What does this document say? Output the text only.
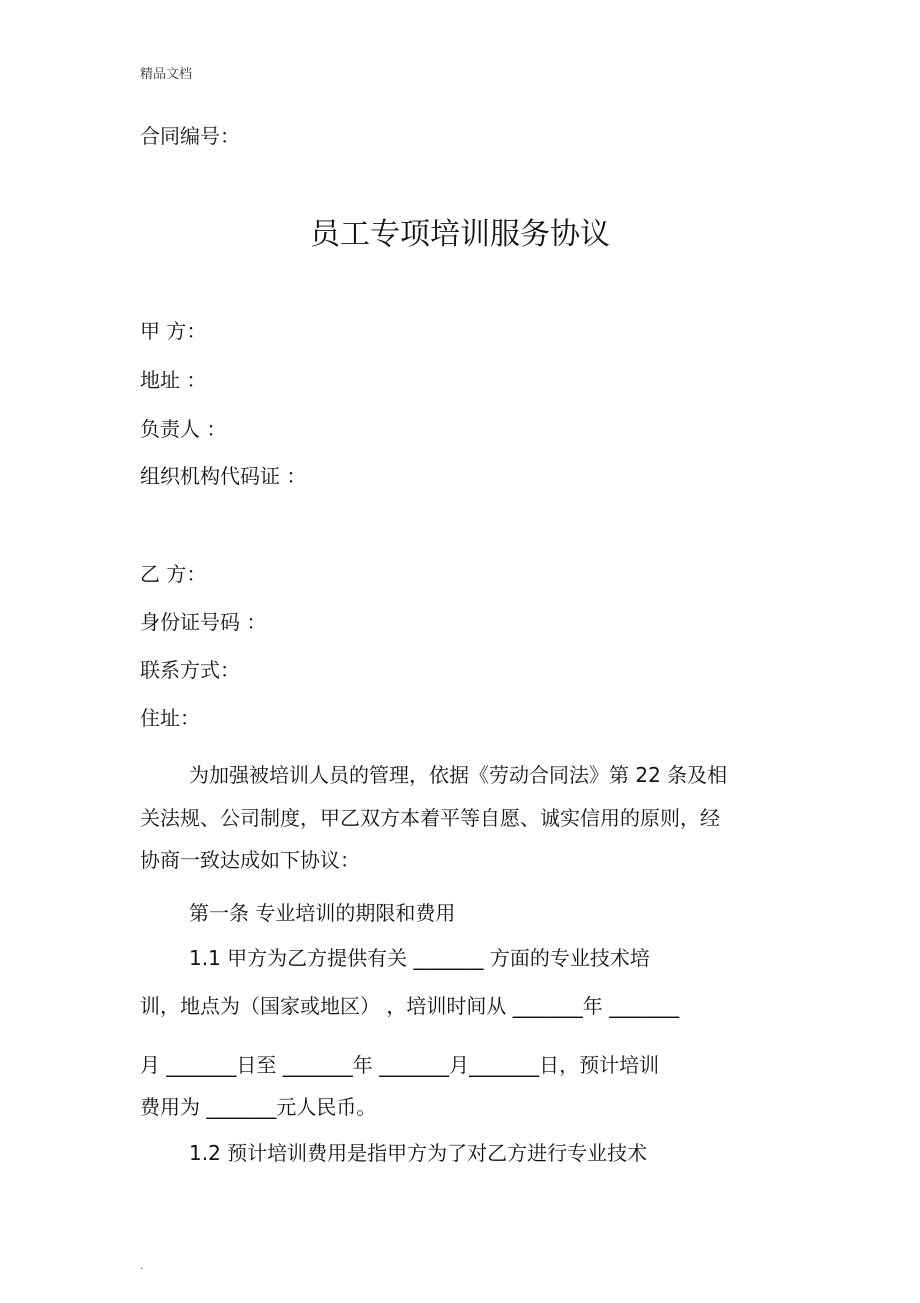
精品文档
合同编号：
员工专项培训服务协议
甲 方：
地址 ：
负责人 ：
组织机构代码证 ：
乙 方：
身份证号码 ：
联系方式：
住址：
为加强被培训人员的管理，依据《劳动合同法》第 22 条及相
关法规、公司制度，甲乙双方本着平等自愿、诚实信用的原则，经
协商一致达成如下协议：
第一条 专业培训的期限和费用
1.1 甲方为乙方提供有关 _______ 方面的专业技术培
训，地点为（国家或地区） ，培训时间从 _______年 _______
月 _______日至 _______年 _______月_______日，预计培训
费用为 _______元人民币。
1.2 预计培训费用是指甲方为了对乙方进行专业技术
.
